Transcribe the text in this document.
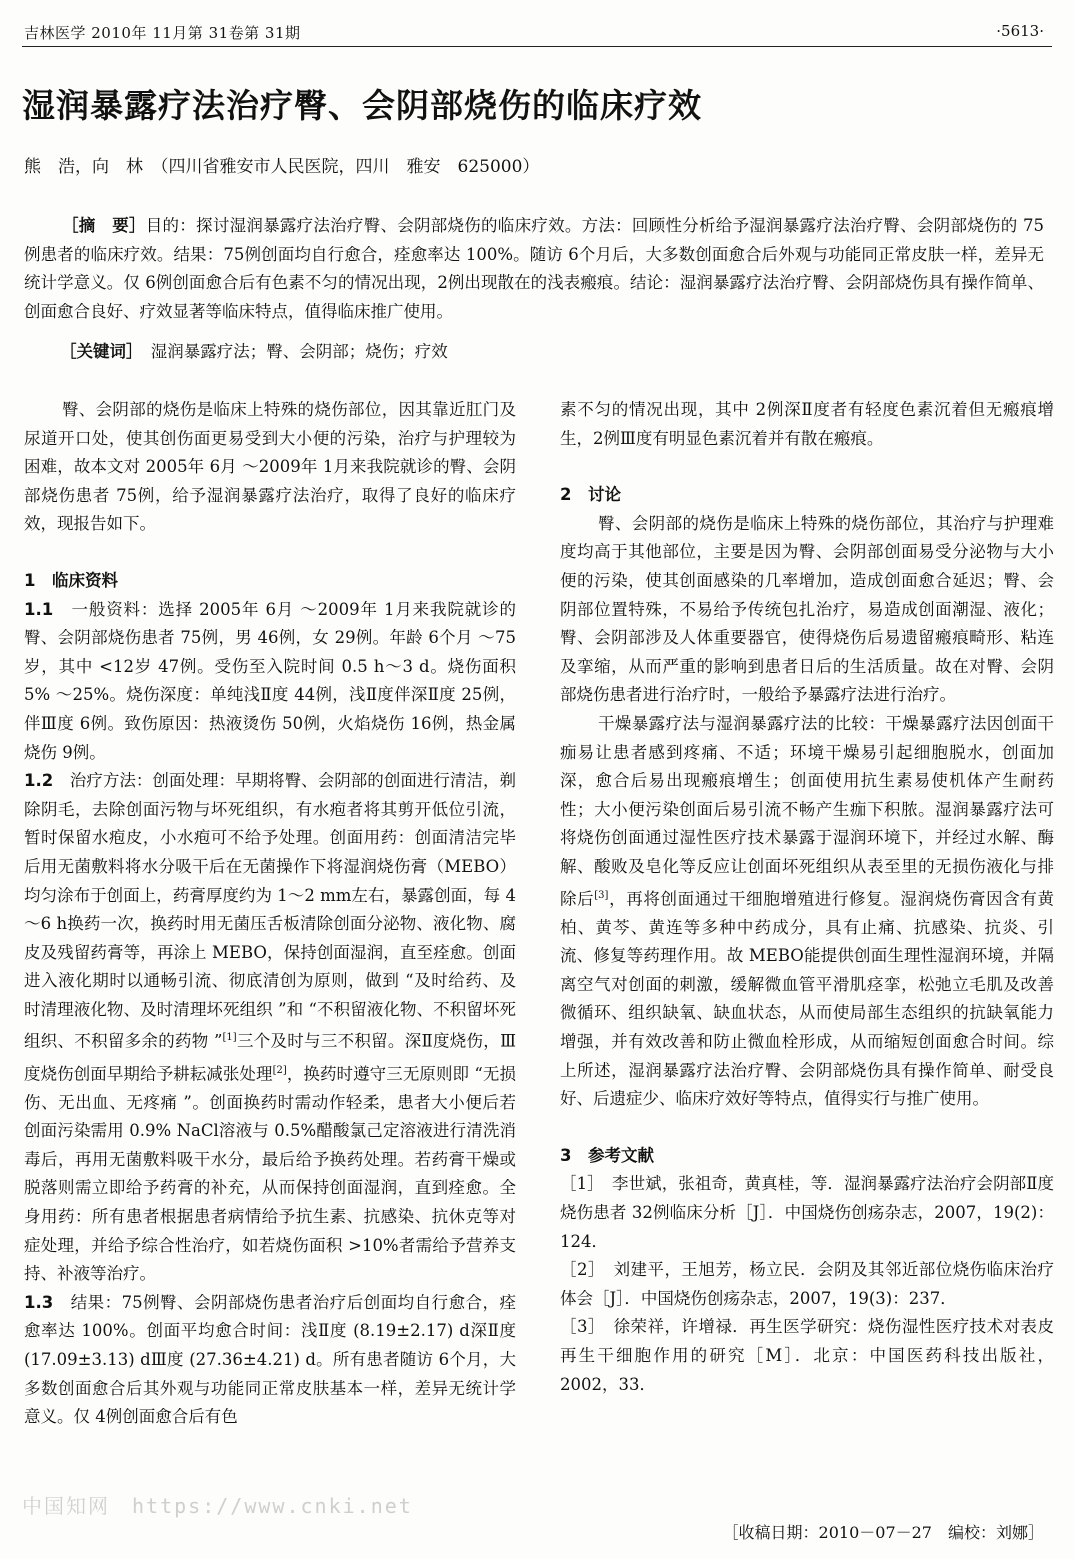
吉林医学 2010年 11月第 31卷第 31期	·5613·
湿润暴露疗法治疗臀、会阴部烧伤的临床疗效
熊　浩，向　林　（四川省雅安市人民医院，四川　雅安　625000）

［摘　要］目的：探讨湿润暴露疗法治疗臀、会阴部烧伤的临床疗效。方法：回顾性分析给予湿润暴露疗法治疗臀、会阴部烧伤的 75例患者的临床疗效。结果：75例创面均自行愈合，痊愈率达 100%。随访 6个月后，大多数创面愈合后外观与功能同正常皮肤一样，差异无统计学意义。仅 6例创面愈合后有色素不匀的情况出现，2例出现散在的浅表瘢痕。结论：湿润暴露疗法治疗臀、会阴部烧伤具有操作简单、创面愈合良好、疗效显著等临床特点，值得临床推广使用。

［关键词］　 湿润暴露疗法；臀、会阴部；烧伤；疗效

臀、会阴部的烧伤是临床上特殊的烧伤部位，因其靠近肛门及尿道开口处，使其创伤面更易受到大小便的污染，治疗与护理较为困难，故本文对 2005年 6月 ～2009年 1月来我院就诊的臀、会阴部烧伤患者 75例，给予湿润暴露疗法治疗，取得了良好的临床疗效，现报告如下。

1　临床资料

1.1　 一般资料：选择 2005年 6月 ～2009年 1月来我院就诊的臀、会阴部烧伤患者 75例，男 46例，女 29例。年龄 6个月 ～75岁，其中 <12岁 47例。受伤至入院时间 0.5 h～3 d。烧伤面积 5% ～25%。烧伤深度：单纯浅Ⅱ度 44例，浅Ⅱ度伴深Ⅱ度 25例，伴Ⅲ度 6例。致伤原因：热液烫伤 50例，火焰烧伤 16例，热金属烧伤 9例。

1.2　 治疗方法：创面处理：早期将臀、会阴部的创面进行清洁，剃除阴毛，去除创面污物与坏死组织，有水疱者将其剪开低位引流，暂时保留水疱皮，小水疱可不给予处理。创面用药：创面清洁完毕后用无菌敷料将水分吸干后在无菌操作下将湿润烧伤膏（MEBO）均匀涂布于创面上，药膏厚度约为 1～2 mm左右，暴露创面，每 4～6 h换药一次，换药时用无菌压舌板清除创面分泌物、液化物、腐皮及残留药膏等，再涂上 MEBO，保持创面湿润，直至痊愈。创面进入液化期时以通畅引流、彻底清创为原则，做到 “及时给药、及时清理液化物、及时清理坏死组织 ”和 “不积留液化物、不积留坏死组织、不积留多余的药物 ”[1]三个及时与三不积留。深Ⅱ度烧伤，Ⅲ度烧伤创面早期给予耕耘减张处理[2]，换药时遵守三无原则即 “无损伤、无出血、无疼痛 ”。创面换药时需动作轻柔，患者大小便后若创面污染需用 0.9% NaCl溶液与 0.5%醋酸氯己定溶液进行清洗消毒后，再用无菌敷料吸干水分，最后给予换药处理。若药膏干燥或脱落则需立即给予药膏的补充，从而保持创面湿润，直到痊愈。全身用药：所有患者根据患者病情给予抗生素、抗感染、抗休克等对症处理，并给予综合性治疗，如若烧伤面积 >10%者需给予营养支持、补液等治疗。

1.3　 结果：75例臀、会阴部烧伤患者治疗后创面均自行愈合，痊愈率达 100%。创面平均愈合时间：浅Ⅱ度 (8.19±2.17) d深Ⅱ度 (17.09±3.13) dⅢ度 (27.36±4.21) d。所有患者随访 6个月，大多数创面愈合后其外观与功能同正常皮肤基本一样，差异无统计学意义。仅 4例创面愈合后有色

素不匀的情况出现，其中 2例深Ⅱ度者有轻度色素沉着但无瘢痕增生，2例Ⅲ度有明显色素沉着并有散在瘢痕。

2　讨论

臀、会阴部的烧伤是临床上特殊的烧伤部位，其治疗与护理难度均高于其他部位，主要是因为臀、会阴部创面易受分泌物与大小便的污染，使其创面感染的几率增加，造成创面愈合延迟；臀、会阴部位置特殊，不易给予传统包扎治疗，易造成创面潮湿、液化；臀、会阴部涉及人体重要器官，使得烧伤后易遗留瘢痕畸形、粘连及挛缩，从而严重的影响到患者日后的生活质量。故在对臀、会阴部烧伤患者进行治疗时，一般给予暴露疗法进行治疗。

干燥暴露疗法与湿润暴露疗法的比较：干燥暴露疗法因创面干痂易让患者感到疼痛、不适；环境干燥易引起细胞脱水，创面加深，愈合后易出现瘢痕增生；创面使用抗生素易使机体产生耐药性；大小便污染创面后易引流不畅产生痂下积脓。湿润暴露疗法可将烧伤创面通过湿性医疗技术暴露于湿润环境下，并经过水解、酶解、酸败及皂化等反应让创面坏死组织从表至里的无损伤液化与排除后[3]，再将创面通过干细胞增殖进行修复。湿润烧伤膏因含有黄柏、黄芩、黄连等多种中药成分，具有止痛、抗感染、抗炎、引流、修复等药理作用。故 MEBO能提供创面生理性湿润环境，并隔离空气对创面的刺激，缓解微血管平滑肌痉挛，松弛立毛肌及改善微循环、组织缺氧、缺血状态，从而使局部生态组织的抗缺氧能力增强，并有效改善和防止微血栓形成，从而缩短创面愈合时间。综上所述，湿润暴露疗法治疗臀、会阴部烧伤具有操作简单、耐受良好、后遗症少、临床疗效好等特点，值得实行与推广使用。

3　参考文献

［1］　李世斌，张祖奇，黄真桂，等．湿润暴露疗法治疗会阴部Ⅱ度烧伤患者 32例临床分析［J］．中国烧伤创疡杂志，2007，19(2)：124．

［2］　刘建平，王旭芳，杨立民．会阴及其邻近部位烧伤临床治疗体会［J］．中国烧伤创疡杂志，2007，19(3)：237．

［3］　徐荣祥，许增禄．再生医学研究：烧伤湿性医疗技术对表皮再生干细胞作用的研究［M］．北京：中国医药科技出版社，2002，33．

中国知网　https://www.cnki.net
［收稿日期：2010－07－27　编校：刘娜］
